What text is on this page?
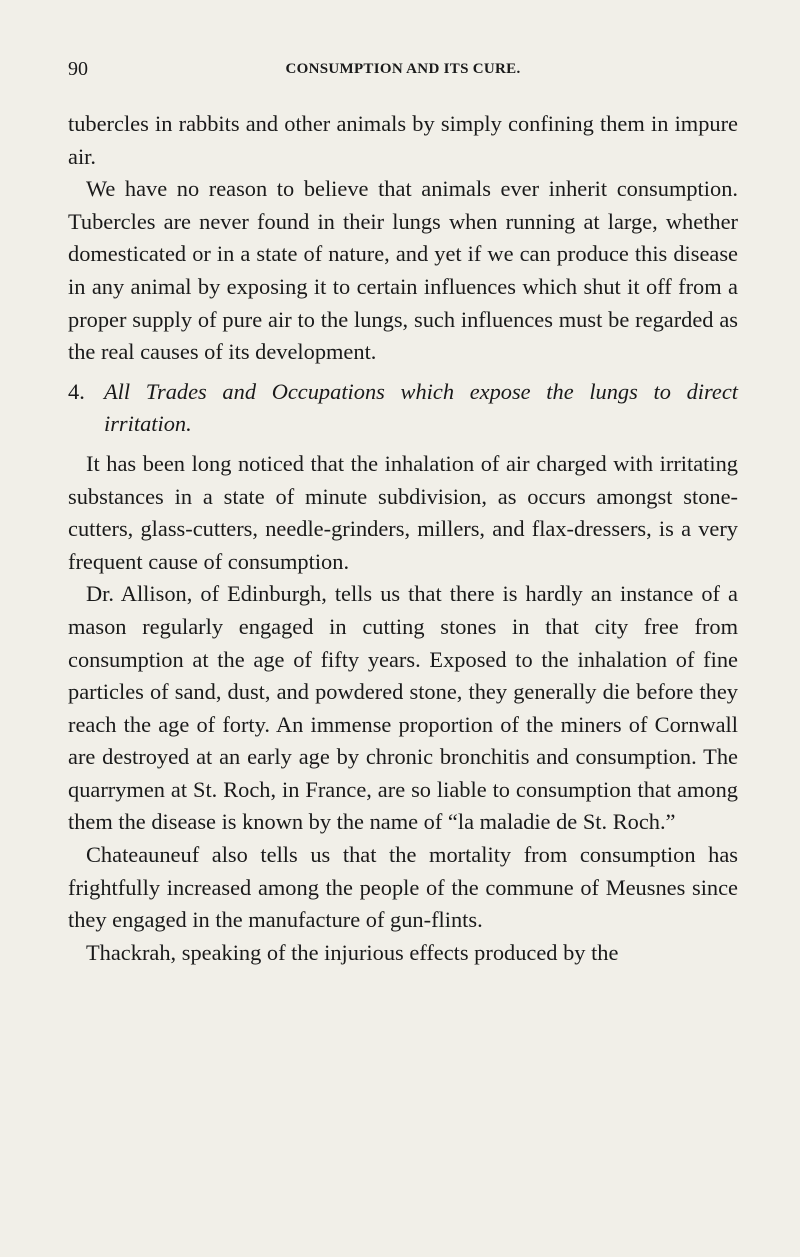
90	CONSUMPTION AND ITS CURE.

tubercles in rabbits and other animals by simply confining them in impure air.

We have no reason to believe that animals ever inherit consumption. Tubercles are never found in their lungs when running at large, whether domesticated or in a state of nature, and yet if we can produce this disease in any animal by exposing it to certain influences which shut it off from a proper supply of pure air to the lungs, such influences must be regarded as the real causes of its development.

4. All Trades and Occupations which expose the lungs to direct irritation.

It has been long noticed that the inhalation of air charged with irritating substances in a state of minute subdivision, as occurs amongst stone-cutters, glass-cutters, needle-grinders, millers, and flax-dressers, is a very frequent cause of consumption.

Dr. Allison, of Edinburgh, tells us that there is hardly an instance of a mason regularly engaged in cutting stones in that city free from consumption at the age of fifty years. Exposed to the inhalation of fine particles of sand, dust, and powdered stone, they generally die before they reach the age of forty. An immense proportion of the miners of Cornwall are destroyed at an early age by chronic bronchitis and consumption. The quarrymen at St. Roch, in France, are so liable to consumption that among them the disease is known by the name of “la maladie de St. Roch.”

Chateauneuf also tells us that the mortality from consumption has frightfully increased among the people of the commune of Meusnes since they engaged in the manufacture of gun-flints.

Thackrah, speaking of the injurious effects produced by the
